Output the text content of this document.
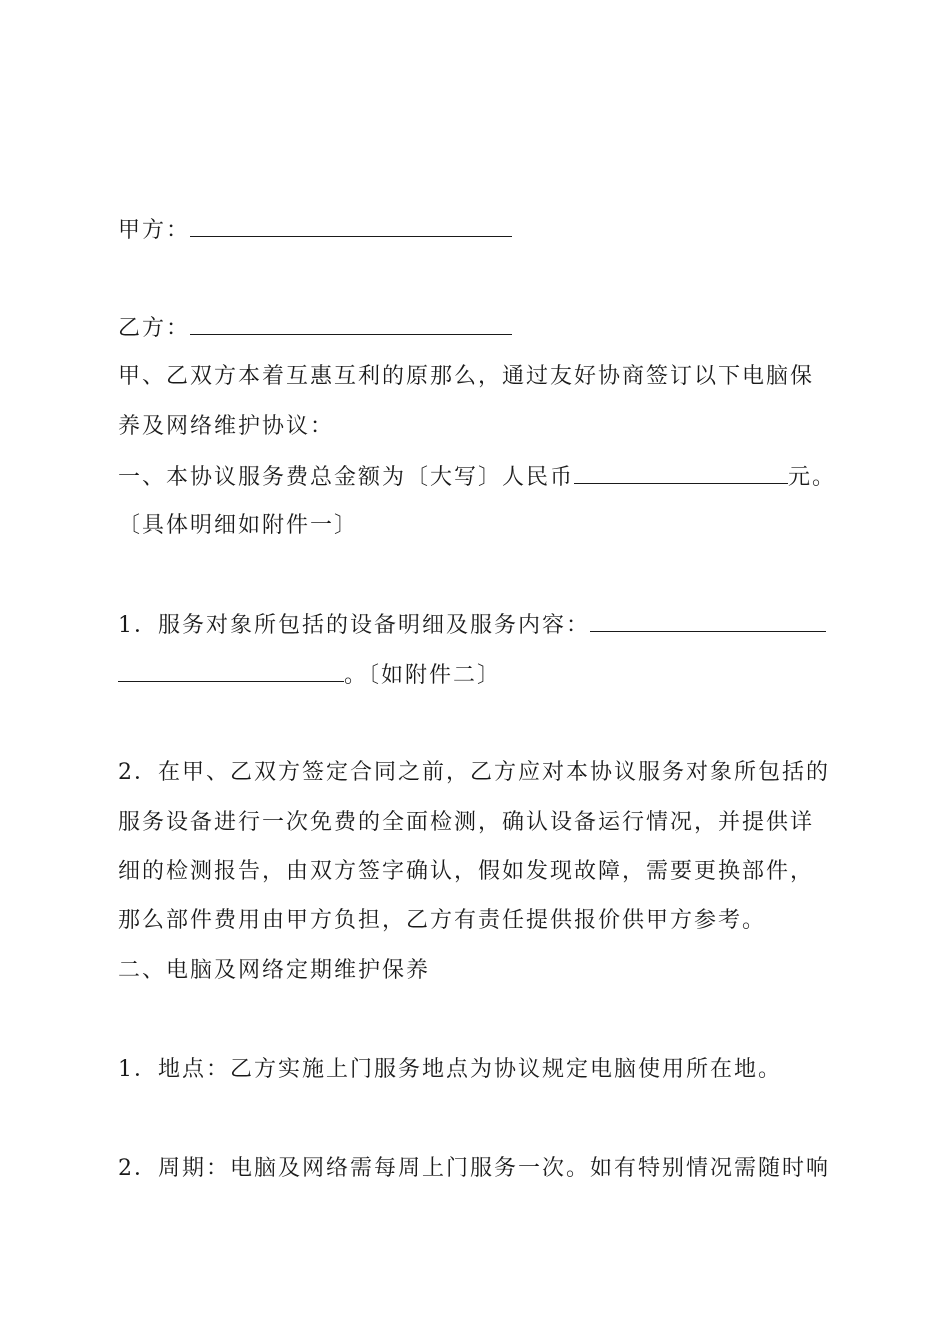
甲方：
乙方：
甲、乙双方本着互惠互利的原那么，通过友好协商签订以下电脑保
养及网络维护协议：
一、本协议服务费总金额为〔大写〕人民币	元。
〔具体明细如附件一〕
1．服务对象所包括的设备明细及服务内容：
。〔如附件二〕
2．在甲、乙双方签定合同之前，乙方应对本协议服务对象所包括的
服务设备进行一次免费的全面检测，确认设备运行情况，并提供详
细的检测报告，由双方签字确认，假如发现故障，需要更换部件，
那么部件费用由甲方负担，乙方有责任提供报价供甲方参考。
二、电脑及网络定期维护保养
1．地点：乙方实施上门服务地点为协议规定电脑使用所在地。
2．周期：电脑及网络需每周上门服务一次。如有特别情况需随时响
